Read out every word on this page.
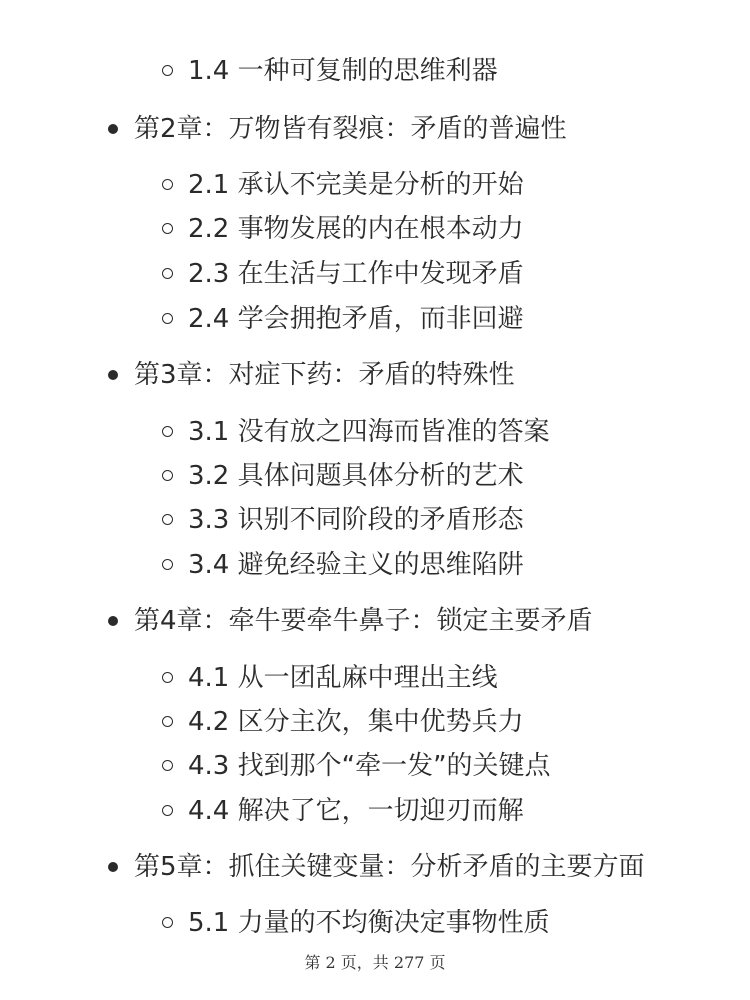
1.4 一种可复制的思维利器
第2章：万物皆有裂痕：矛盾的普遍性
2.1 承认不完美是分析的开始
2.2 事物发展的内在根本动力
2.3 在生活与工作中发现矛盾
2.4 学会拥抱矛盾，而非回避
第3章：对症下药：矛盾的特殊性
3.1 没有放之四海而皆准的答案
3.2 具体问题具体分析的艺术
3.3 识别不同阶段的矛盾形态
3.4 避免经验主义的思维陷阱
第4章：牵牛要牵牛鼻子：锁定主要矛盾
4.1 从一团乱麻中理出主线
4.2 区分主次，集中优势兵力
4.3 找到那个“牵一发”的关键点
4.4 解决了它，一切迎刃而解
第5章：抓住关键变量：分析矛盾的主要方面
5.1 力量的不均衡决定事物性质
第 2 页，共 277 页
